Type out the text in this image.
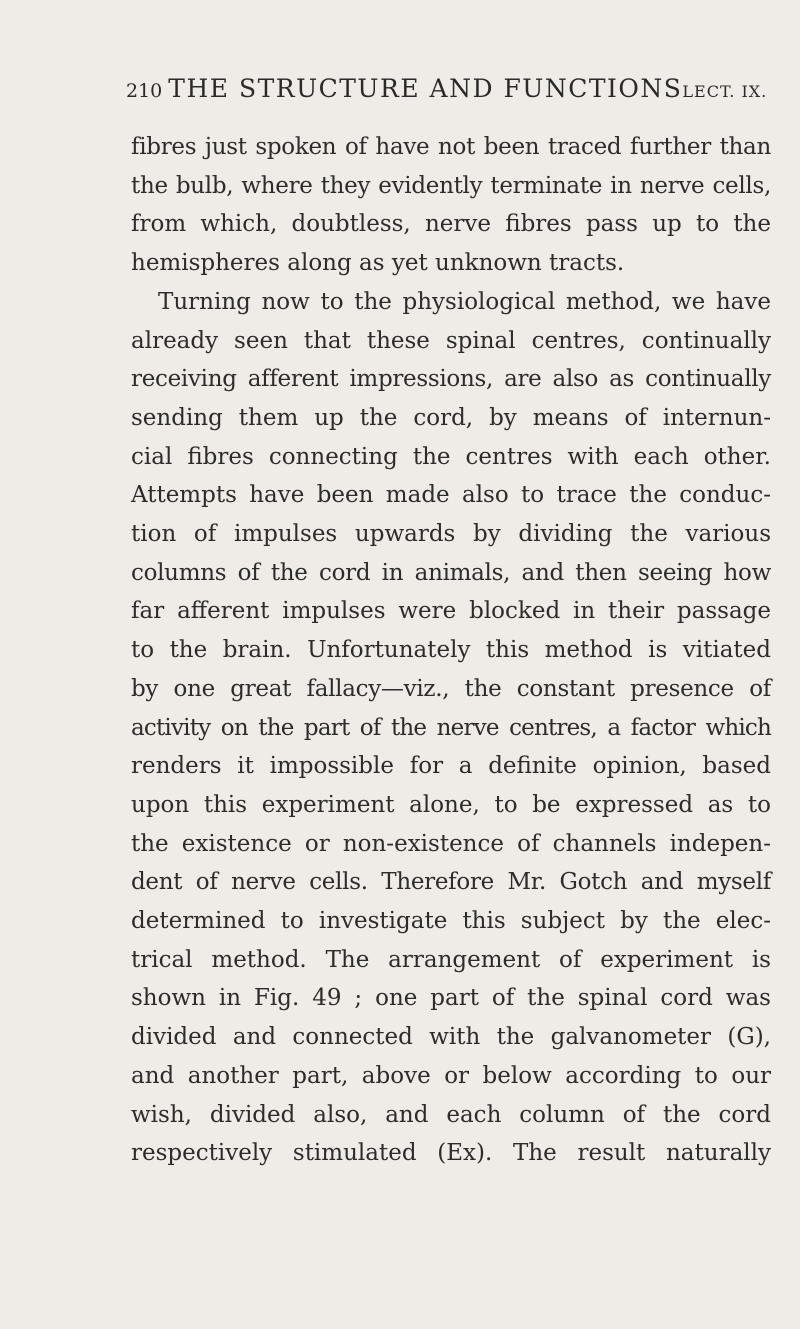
210 THE STRUCTURE AND FUNCTIONS LECT. IX.
fibres just spoken of have not been traced further than
the bulb, where they evidently terminate in nerve cells,
from which, doubtless, nerve fibres pass up to the
hemispheres along as yet unknown tracts.
Turning now to the physiological method, we have
already seen that these spinal centres, continually
receiving afferent impressions, are also as continually
sending them up the cord, by means of internun-
cial fibres connecting the centres with each other.
Attempts have been made also to trace the conduc-
tion of impulses upwards by dividing the various
columns of the cord in animals, and then seeing how
far afferent impulses were blocked in their passage
to the brain. Unfortunately this method is vitiated
by one great fallacy—viz., the constant presence of
activity on the part of the nerve centres, a factor which
renders it impossible for a definite opinion, based
upon this experiment alone, to be expressed as to
the existence or non-existence of channels indepen-
dent of nerve cells. Therefore Mr. Gotch and myself
determined to investigate this subject by the elec-
trical method. The arrangement of experiment is
shown in Fig. 49 ; one part of the spinal cord was
divided and connected with the galvanometer (G),
and another part, above or below according to our
wish, divided also, and each column of the cord
respectively stimulated (Ex). The result naturally
